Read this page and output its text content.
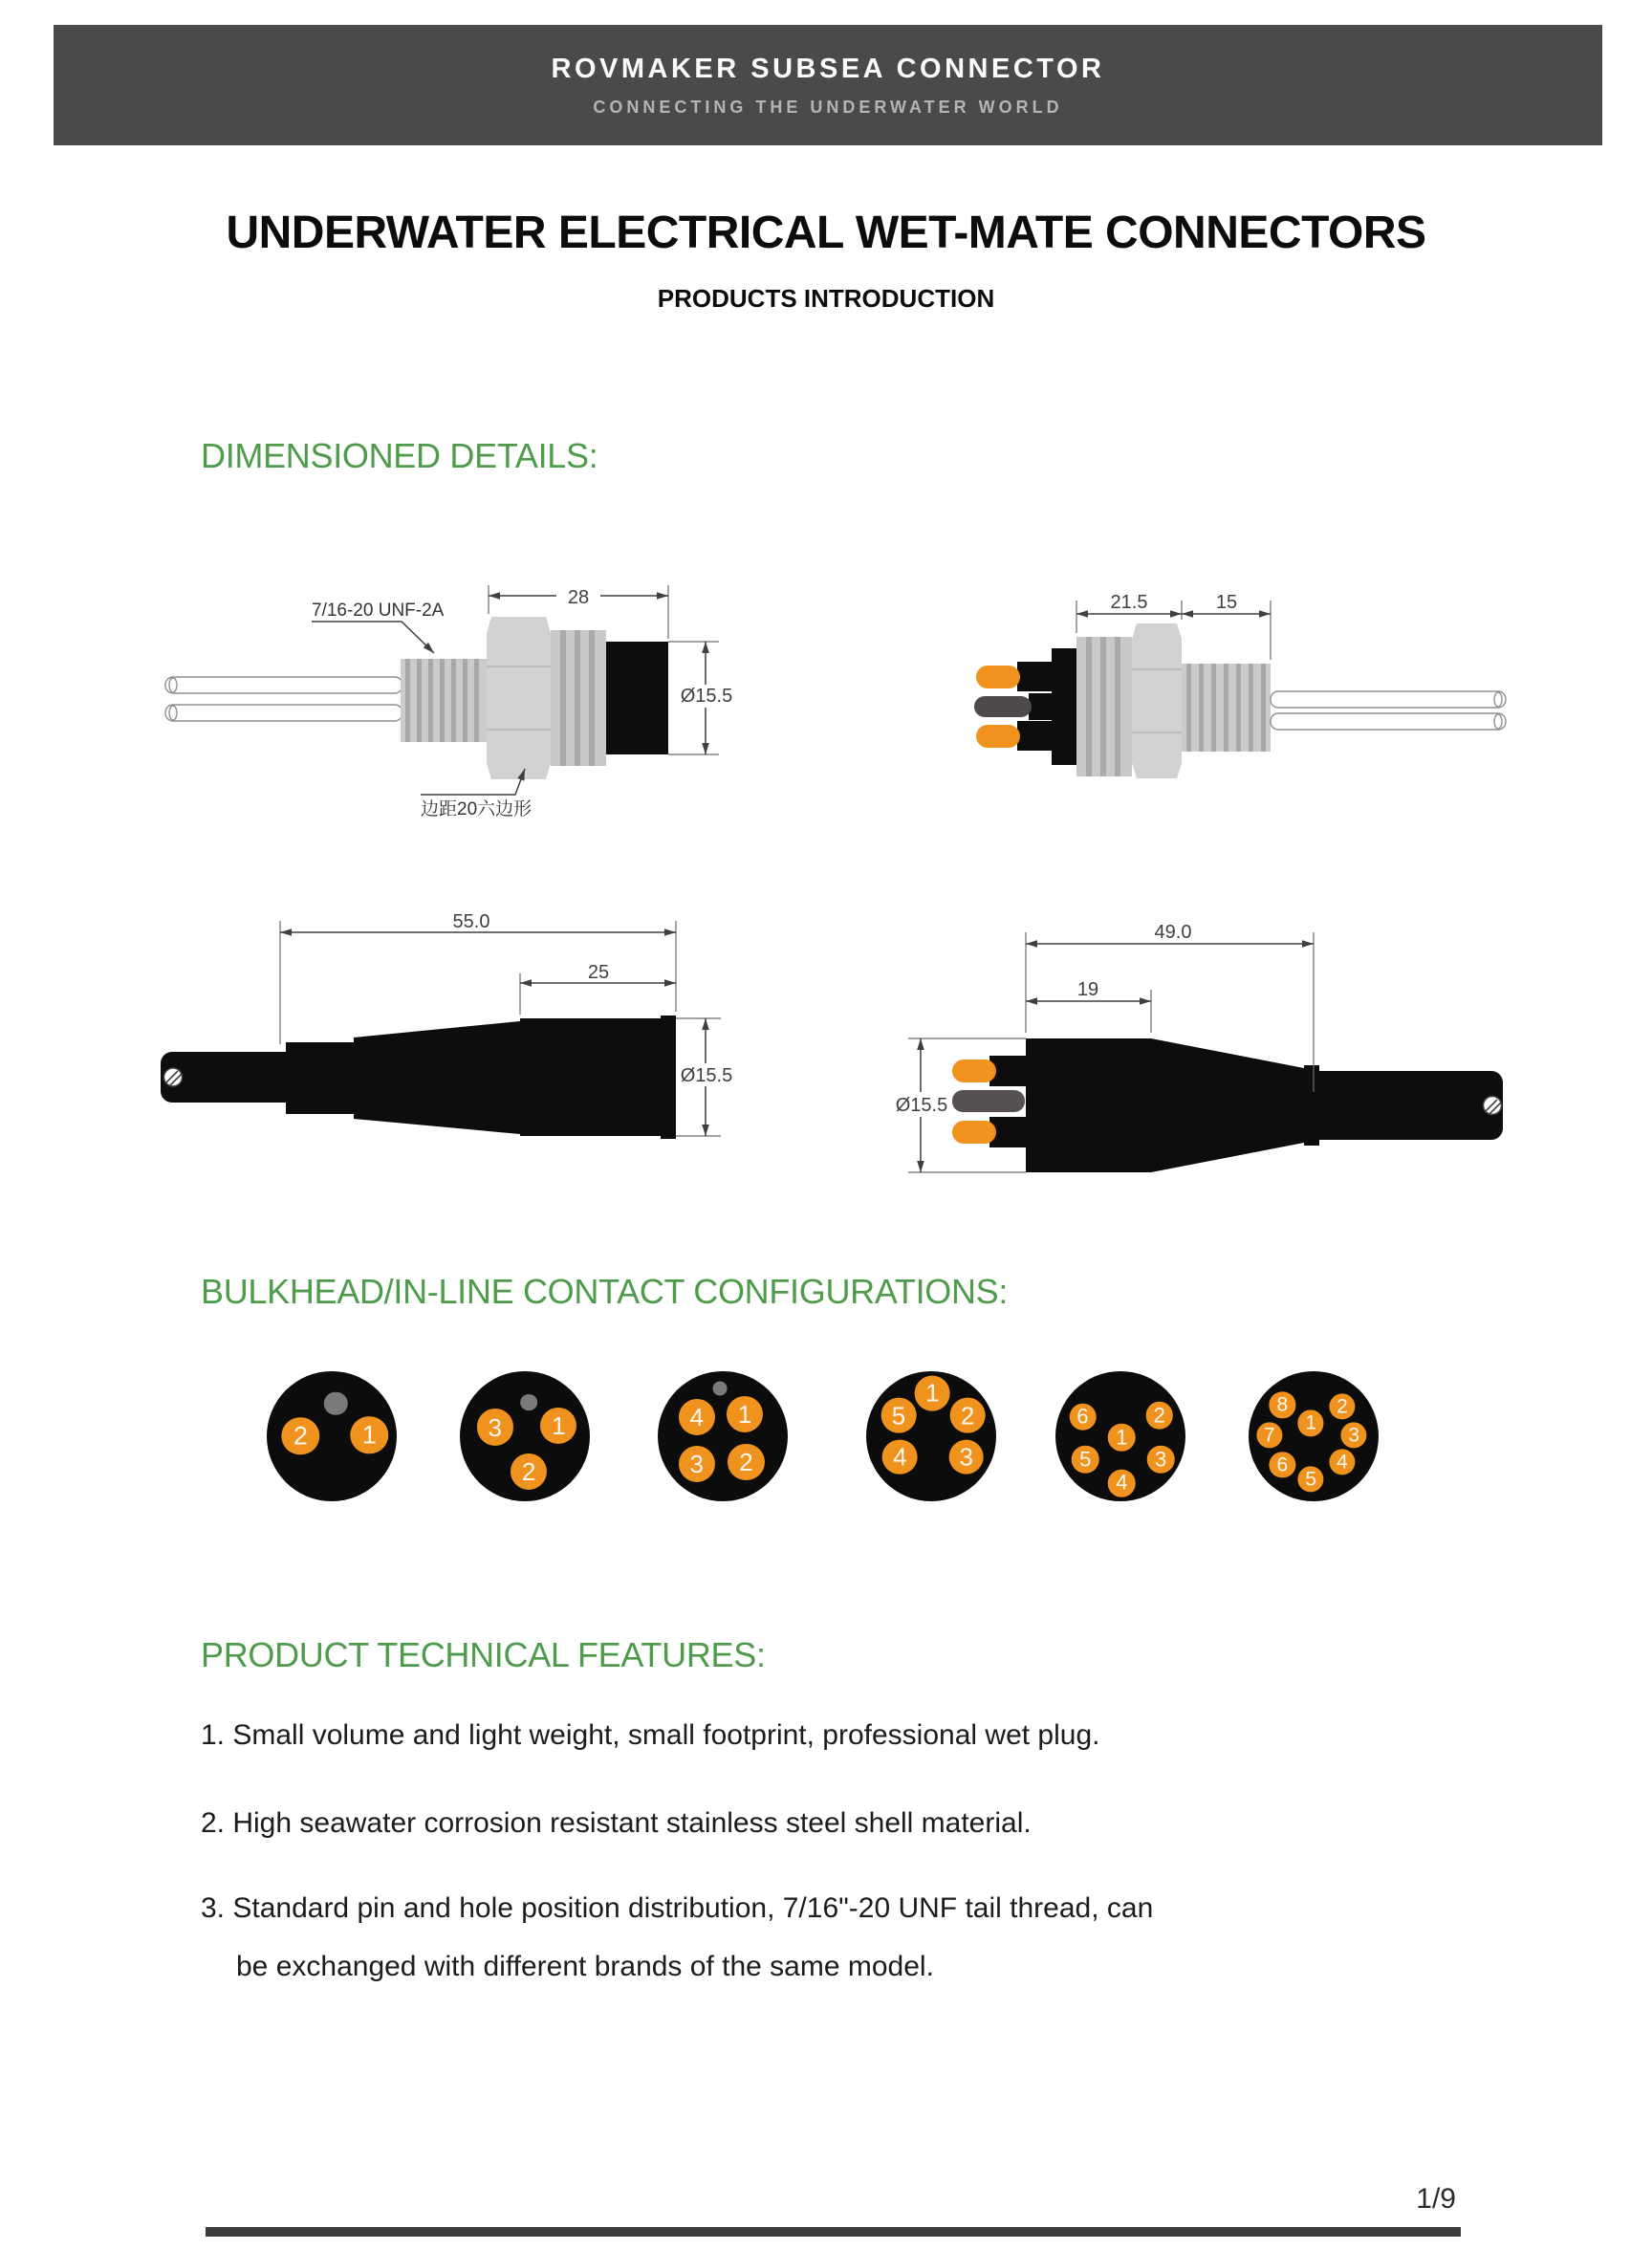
ROVMAKER SUBSEA CONNECTOR
CONNECTING THE UNDERWATER WORLD
UNDERWATER ELECTRICAL WET-MATE CONNECTORS
PRODUCTS INTRODUCTION
DIMENSIONED DETAILS:
28
Ø15.5
7/16-20 UNF-2A
边距20六边形
21.5	15
55.0
25
Ø15.5
49.0
19
Ø15.5
BULKHEAD/IN-LINE CONTACT CONFIGURATIONS:
1
2	1
2
3	1
2
3
4
1
2
3
4
5
1
2
3
4
5
6	1
2
3
4
5
6
7
8
PRODUCT TECHNICAL FEATURES:
1. Small volume and light weight, small footprint, professional wet plug.
2. High seawater corrosion resistant stainless steel shell material.
3. Standard pin and hole position distribution, 7/16"-20 UNF tail thread, can
be exchanged with different brands of the same model.
1/9
